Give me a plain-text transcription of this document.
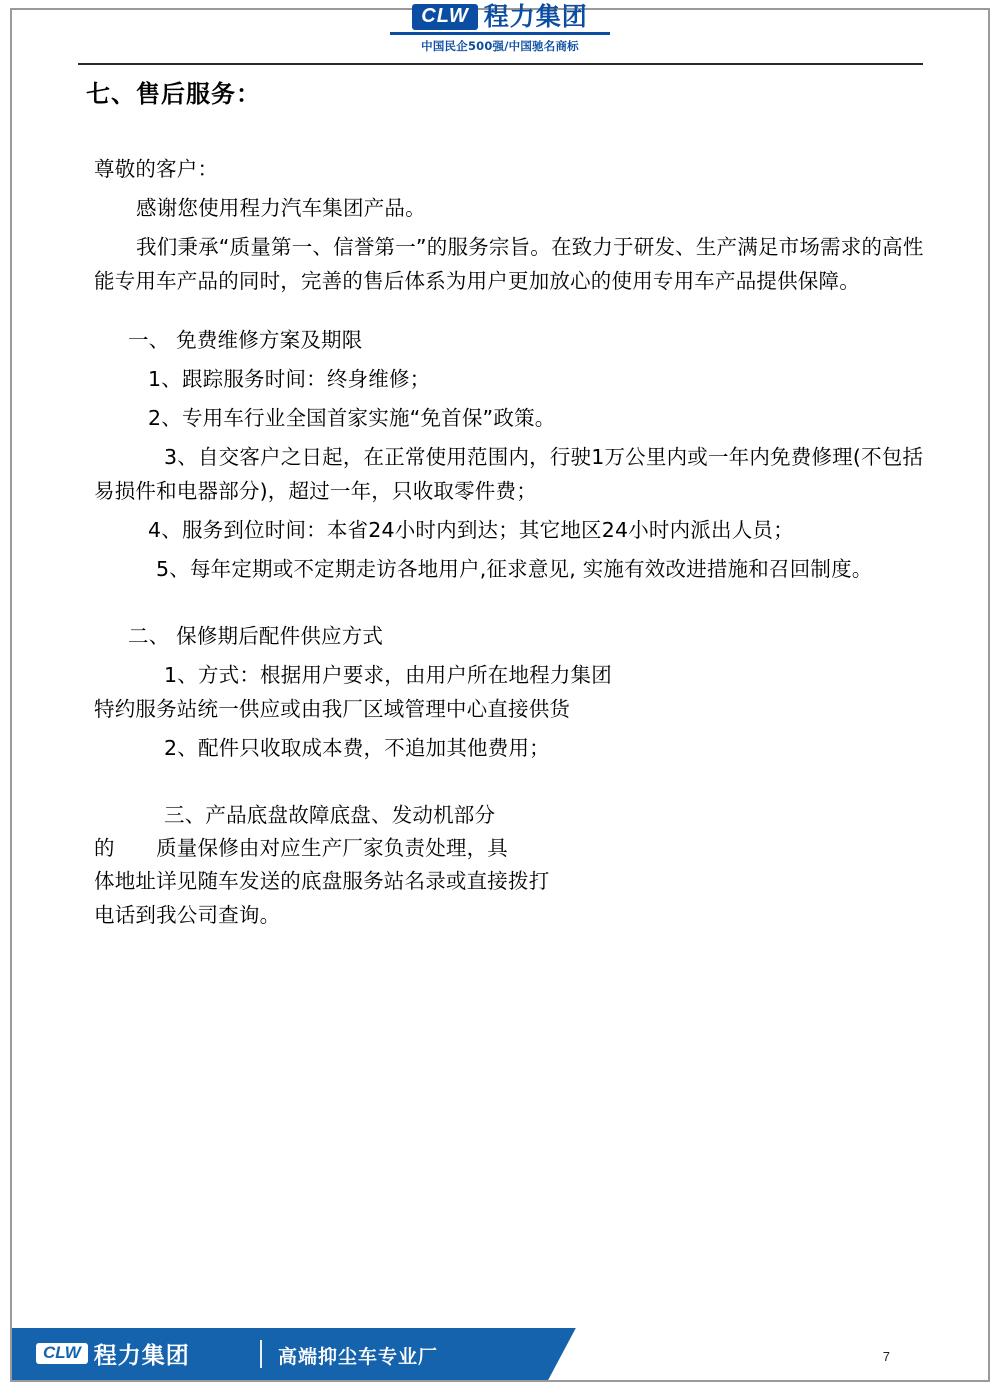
CLW 程力集团
中国民企500强/中国驰名商标
七、售后服务：

尊敬的客户：

感谢您使用程力汽车集团产品。

我们秉承“质量第一、信誉第一”的服务宗旨。在致力于研发、生产满足市场需求的高性能专用车产品的同时，完善的售后体系为用户更加放心的使用专用车产品提供保障。

一、 免费维修方案及期限

1、跟踪服务时间：终身维修；

2、专用车行业全国首家实施“免首保”政策。

3、自交客户之日起，在正常使用范围内，行驶1万公里内或一年内免费修理(不包括易损件和电器部分)，超过一年，只收取零件费；

4、服务到位时间：本省24小时内到达；其它地区24小时内派出人员；

5、每年定期或不定期走访各地用户,征求意见, 实施有效改进措施和召回制度。

二、 保修期后配件供应方式

1、方式：根据用户要求，由用户所在地程力集团特约服务站统一供应或由我厂区域管理中心直接供货

2、配件只收取成本费，不追加其他费用；

三、产品底盘故障底盘、发动机部分

的　　质量保修由对应生产厂家负责处理，具　　体地址详见随车发送的底盘服务站名录或直接拨打电话到我公司查询。

CLW 程力集团	高端抑尘车专业厂	7
